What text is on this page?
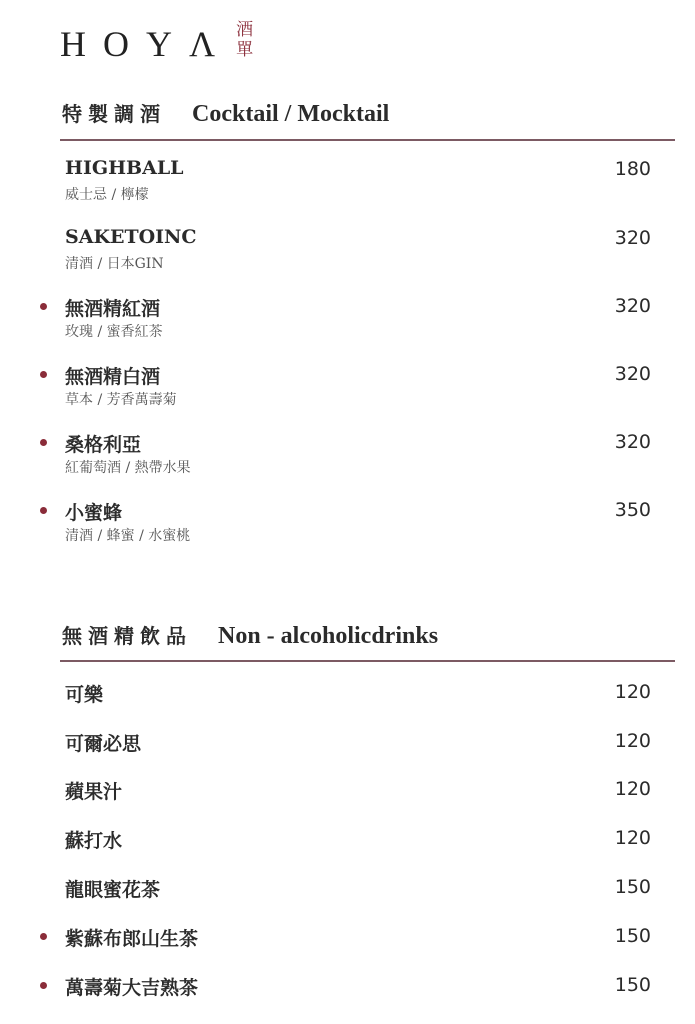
HOYΛ 酒
單
特製調酒 Cocktail / Mocktail
HIGHBALL
威士忌 / 檸檬
180
SAKETOINC
清酒 / 日本GIN
320
無酒精紅酒
玫瑰 / 蜜香紅茶
320
無酒精白酒
草本 / 芳香萬壽菊
320
桑格利亞
紅葡萄酒 / 熱帶水果
320
小蜜蜂
清酒 / 蜂蜜 / 水蜜桃
350
無酒精飲品 Non - alcoholicdrinks
可樂	120
可爾必思	120
蘋果汁	120
蘇打水	120
龍眼蜜花茶	150
紫蘇布郎山生茶	150
萬壽菊大吉熟茶	150
